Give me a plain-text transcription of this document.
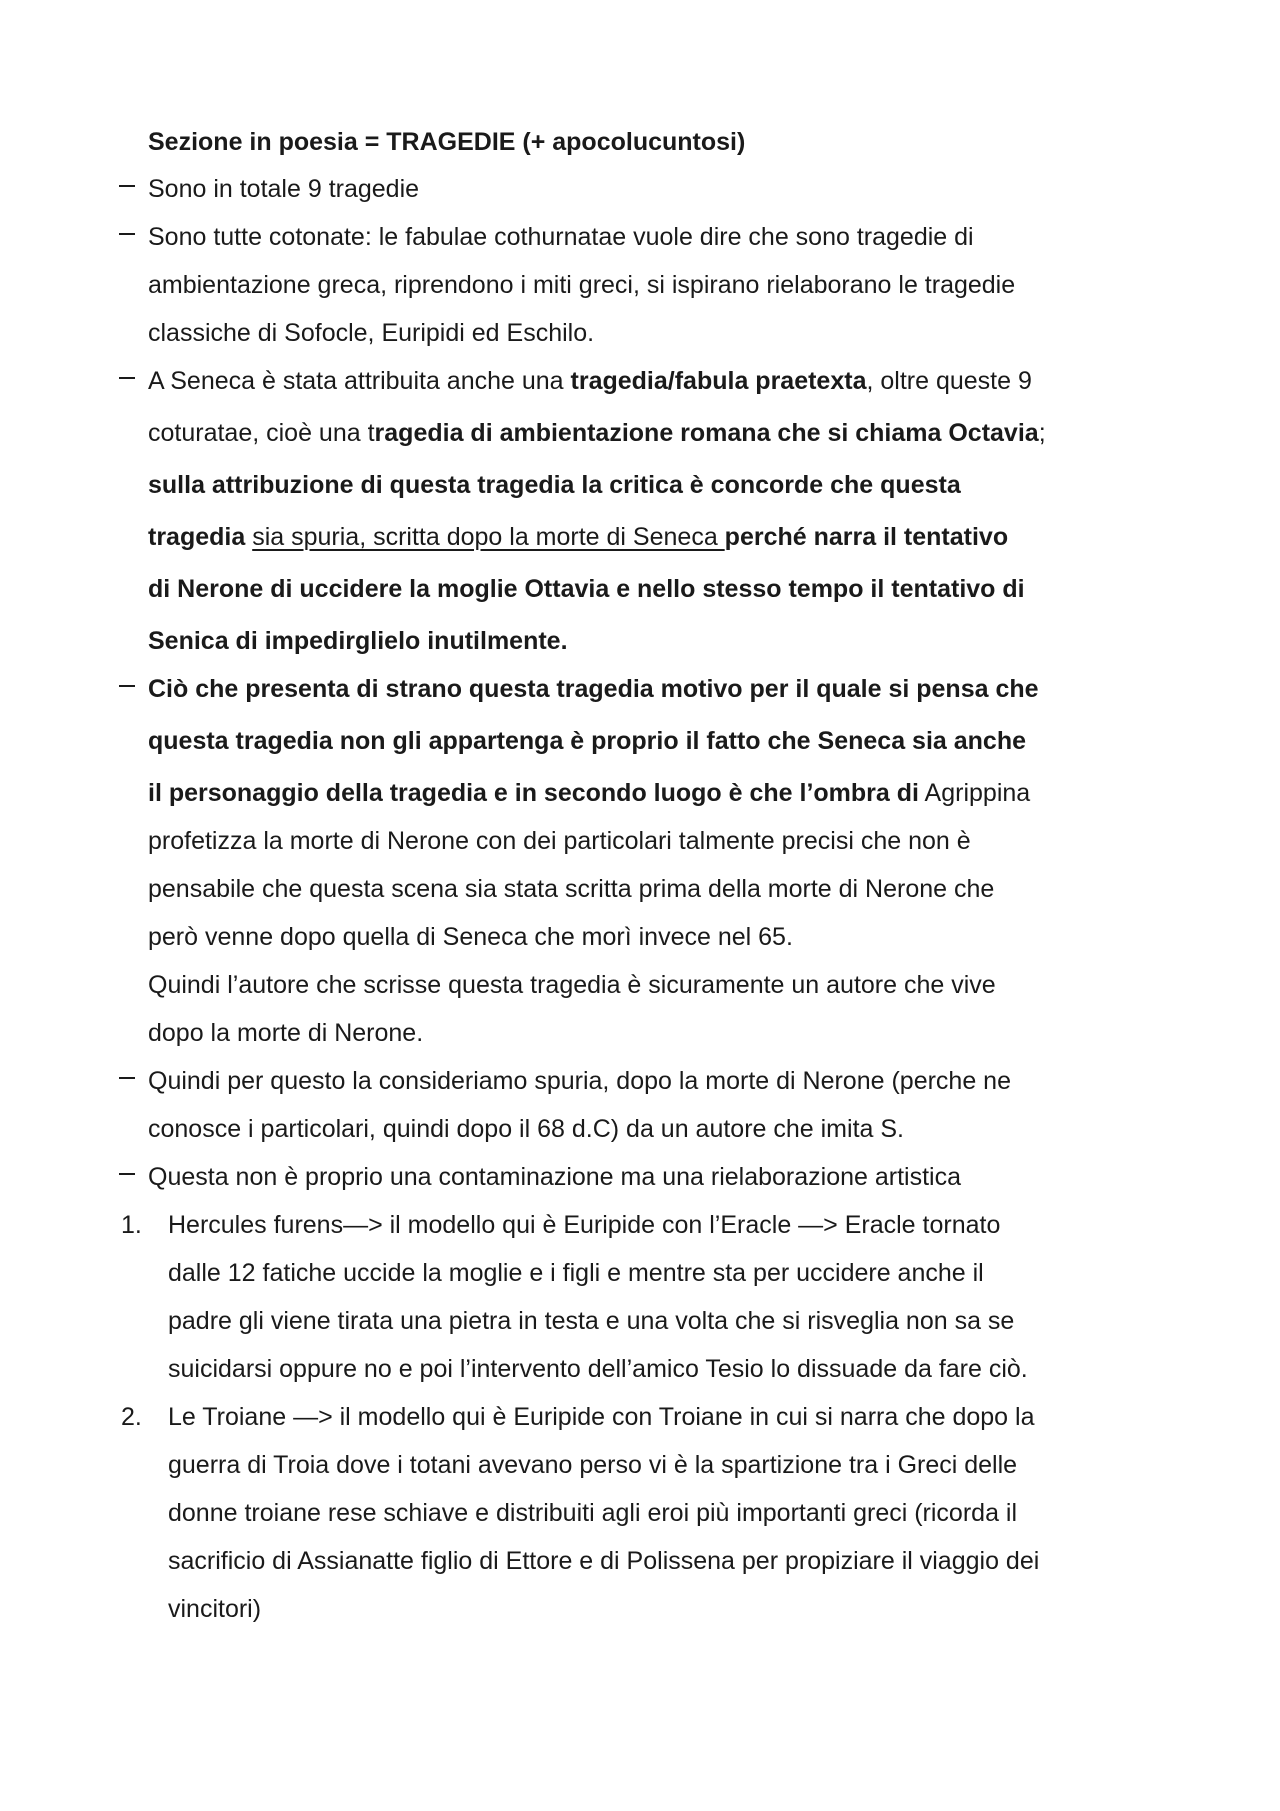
Sezione in poesia = TRAGEDIE (+ apocolucuntosi)
Sono in totale 9 tragedie
Sono tutte cotonate: le fabulae cothurnatae vuole dire che sono tragedie di
ambientazione greca, riprendono i miti greci, si ispirano rielaborano le tragedie
classiche di Sofocle, Euripidi ed Eschilo.
A Seneca è stata attribuita anche una tragedia/fabula praetexta, oltre queste 9
coturatae, cioè una tragedia di ambientazione romana che si chiama Octavia;
sulla attribuzione di questa tragedia la critica è concorde che questa
tragedia sia spuria, scritta dopo la morte di Seneca perché narra il tentativo
di Nerone di uccidere la moglie Ottavia e nello stesso tempo il tentativo di
Senica di impedirglielo inutilmente.
Ciò che presenta di strano questa tragedia motivo per il quale si pensa che
questa tragedia non gli appartenga è proprio il fatto che Seneca sia anche
il personaggio della tragedia e in secondo luogo è che l’ombra di Agrippina
profetizza la morte di Nerone con dei particolari talmente precisi che non è
pensabile che questa scena sia stata scritta prima della morte di Nerone che
però venne dopo quella di Seneca che morì invece nel 65.
Quindi l’autore che scrisse questa tragedia è sicuramente un autore che vive
dopo la morte di Nerone.
Quindi per questo la consideriamo spuria, dopo la morte di Nerone (perche ne
conosce i particolari, quindi dopo il 68 d.C) da un autore che imita S.
Questa non è proprio una contaminazione ma una rielaborazione artistica
1. Hercules furens—> il modello qui è Euripide con l’Eracle —> Eracle tornato
dalle 12 fatiche uccide la moglie e i figli e mentre sta per uccidere anche il
padre gli viene tirata una pietra in testa e una volta che si risveglia non sa se
suicidarsi oppure no e poi l’intervento dell’amico Tesio lo dissuade da fare ciò.
2. Le Troiane —> il modello qui è Euripide con Troiane in cui si narra che dopo la
guerra di Troia dove i totani avevano perso vi è la spartizione tra i Greci delle
donne troiane rese schiave e distribuiti agli eroi più importanti greci (ricorda il
sacrificio di Assianatte figlio di Ettore e di Polissena per propiziare il viaggio dei
vincitori)
